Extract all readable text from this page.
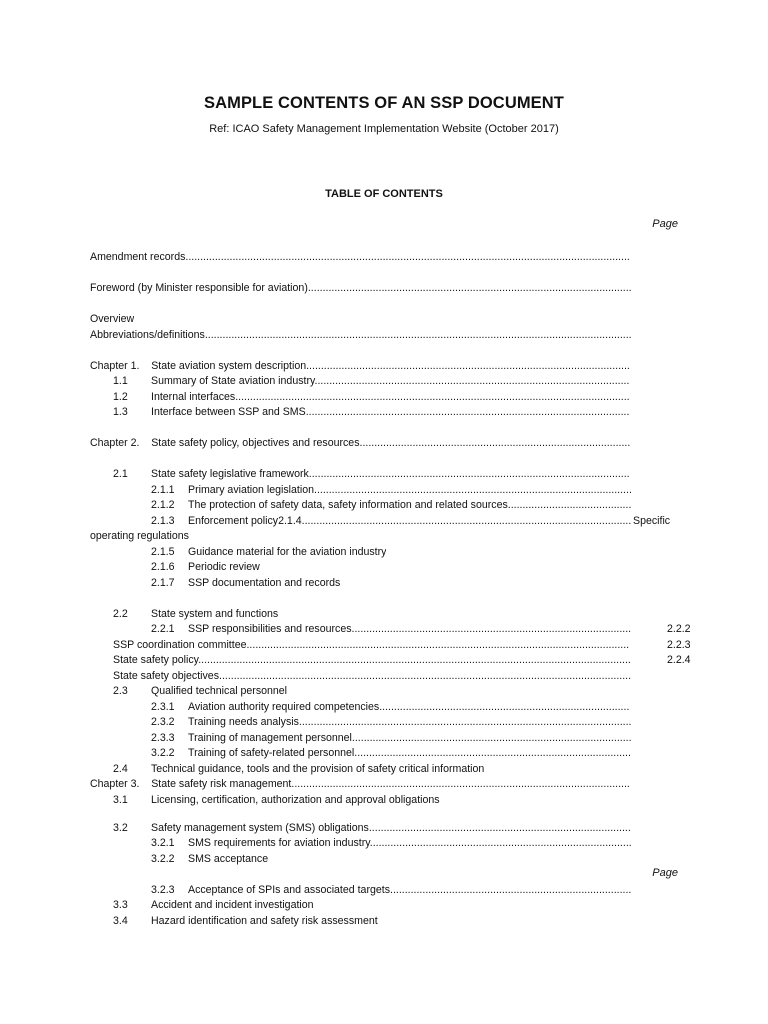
SAMPLE CONTENTS OF AN SSP DOCUMENT
Ref: ICAO Safety Management Implementation Website (October 2017)
TABLE OF CONTENTS
Page
Amendment records.......................................................................................................................................................
Foreword (by Minister responsible for aviation)..............................................................................................................
Overview
Abbreviations/definitions.................................................................................................................................................
Chapter 1.    State aviation system description..............................................................................................................
1.1 Summary of State aviation industry...........................................................................................................
1.2 Internal interfaces......................................................................................................................................
1.3 Interface between SSP and SMS..............................................................................................................
Chapter 2.    State safety policy, objectives and resources............................................................................................
2.1 State safety legislative framework.............................................................................................................
2.1.1 Primary aviation legislation............................................................................................................
2.1.2 The protection of safety data, safety information and related sources..........................................
2.1.3 Enforcement policy2.1.4................................................................................................................ Specific
operating regulations
2.1.5 Guidance material for the aviation industry
2.1.6 Periodic review
2.1.7 SSP documentation and records
2.2 State system and functions
2.2.1 SSP responsibilities and resources...............................................................................................	2.2.2
SSP coordination committee..................................................................................................................................	2.2.3
State safety policy...................................................................................................................................................	2.2.4
State safety objectives............................................................................................................................................
2.3 Qualified technical personnel
2.3.1 Aviation authority required competencies.....................................................................................
2.3.2 Training needs analysis.................................................................................................................
2.3.3 Training of management personnel...............................................................................................
3.2.2 Training of safety-related personnel..............................................................................................
2.4 Technical guidance, tools and the provision of safety critical information
Chapter 3.    State safety risk management...................................................................................................................
3.1 Licensing, certification, authorization and approval obligations
3.2 Safety management system (SMS) obligations.........................................................................................
3.2.1 SMS requirements for aviation industry.........................................................................................
3.2.2 SMS acceptance
Page
3.2.3 Acceptance of SPIs and associated targets..................................................................................
3.3 Accident and incident investigation
3.4 Hazard identification and safety risk assessment
